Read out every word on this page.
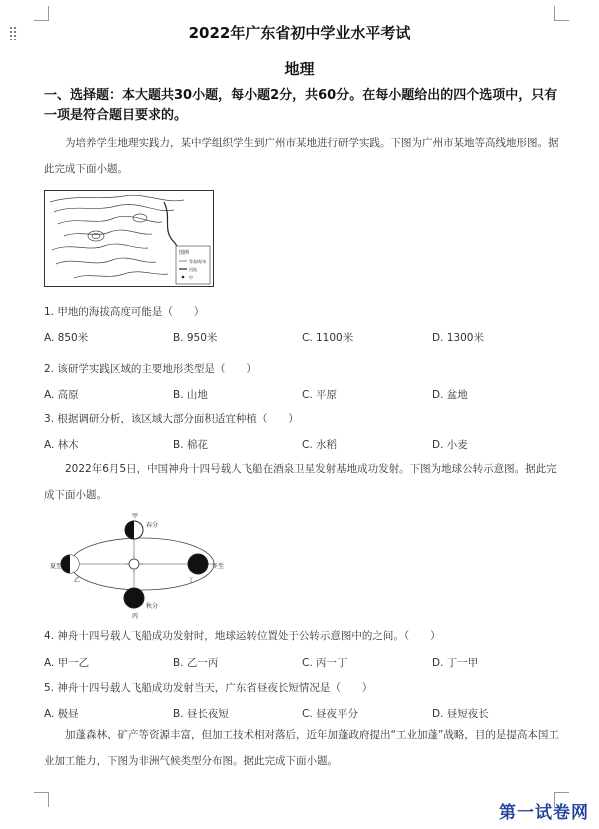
2022年广东省初中学业水平考试
地理
一、选择题：本大题共30小题，每小题2分，共60分。在每小题给出的四个选项中，只有一项是符合题目要求的。
为培养学生地理实践力，某中学组织学生到广州市某地进行研学实践。下图为广州市某地等高线地形图。据此完成下面小题。
图例
等高线/米
河流
甲
1. 甲地的海拔高度可能是（　　）
A. 850米	B. 950米	C. 1100米	D. 1300米
2. 该研学实践区域的主要地形类型是（　　）
A. 高原	B. 山地	C. 平原	D. 盆地
3. 根据调研分析，该区域大部分面积适宜种植（　　）
A. 林木	B. 棉花	C. 水稻	D. 小麦
2022年6月5日，中国神舟十四号载人飞船在酒泉卫星发射基地成功发射。下图为地球公转示意图。据此完成下面小题。
甲
春分
乙
夏至
丙
秋分
丁
冬至
4. 神舟十四号载人飞船成功发射时，地球运转位置处于公转示意图中的之间。（　　）
A. 甲一乙	B. 乙一丙	C. 丙一丁	D. 丁一甲
5. 神舟十四号载人飞船成功发射当天，广东省昼夜长短情况是（　　）
A. 极昼	B. 昼长夜短	C. 昼夜平分	D. 昼短夜长
加蓬森林、矿产等资源丰富，但加工技术相对落后，近年加蓬政府提出“工业加蓬”战略，目的是提高本国工业加工能力，下图为非洲气候类型分布图。据此完成下面小题。
第一试卷网
